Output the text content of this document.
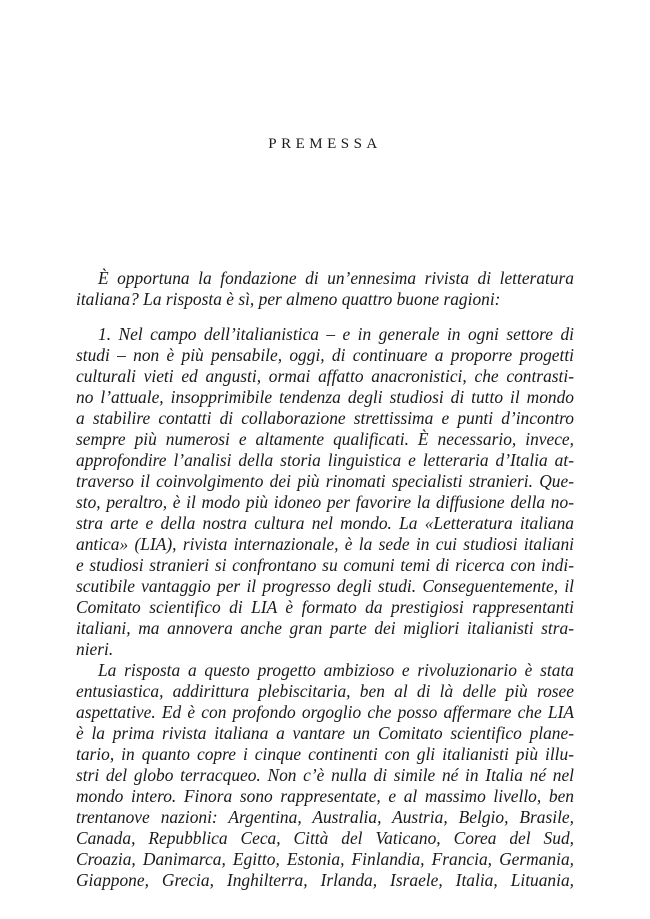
PREMESSA
È opportuna la fondazione di un’ennesima rivista di letteratura
italiana? La risposta è sì, per almeno quattro buone ragioni:
1. Nel campo dell’italianistica – e in generale in ogni settore di
studi – non è più pensabile, oggi, di continuare a proporre progetti
culturali vieti ed angusti, ormai affatto anacronistici, che contrasti-
no l’attuale, insopprimibile tendenza degli studiosi di tutto il mondo
a stabilire contatti di collaborazione strettissima e punti d’incontro
sempre più numerosi e altamente qualificati. È necessario, invece,
approfondire l’analisi della storia linguistica e letteraria d’Italia at-
traverso il coinvolgimento dei più rinomati specialisti stranieri. Que-
sto, peraltro, è il modo più idoneo per favorire la diffusione della no-
stra arte e della nostra cultura nel mondo. La «Letteratura italiana
antica» (LIA), rivista internazionale, è la sede in cui studiosi italiani
e studiosi stranieri si confrontano su comuni temi di ricerca con indi-
scutibile vantaggio per il progresso degli studi. Conseguentemente, il
Comitato scientifico di LIA è formato da prestigiosi rappresentanti
italiani, ma annovera anche gran parte dei migliori italianisti stra-
nieri.
La risposta a questo progetto ambizioso e rivoluzionario è stata
entusiastica, addirittura plebiscitaria, ben al di là delle più rosee
aspettative. Ed è con profondo orgoglio che posso affermare che LIA
è la prima rivista italiana a vantare un Comitato scientifico plane-
tario, in quanto copre i cinque continenti con gli italianisti più illu-
stri del globo terracqueo. Non c’è nulla di simile né in Italia né nel
mondo intero. Finora sono rappresentate, e al massimo livello, ben
trentanove nazioni: Argentina, Australia, Austria, Belgio, Brasile,
Canada, Repubblica Ceca, Città del Vaticano, Corea del Sud,
Croazia, Danimarca, Egitto, Estonia, Finlandia, Francia, Germania,
Giappone, Grecia, Inghilterra, Irlanda, Israele, Italia, Lituania,
